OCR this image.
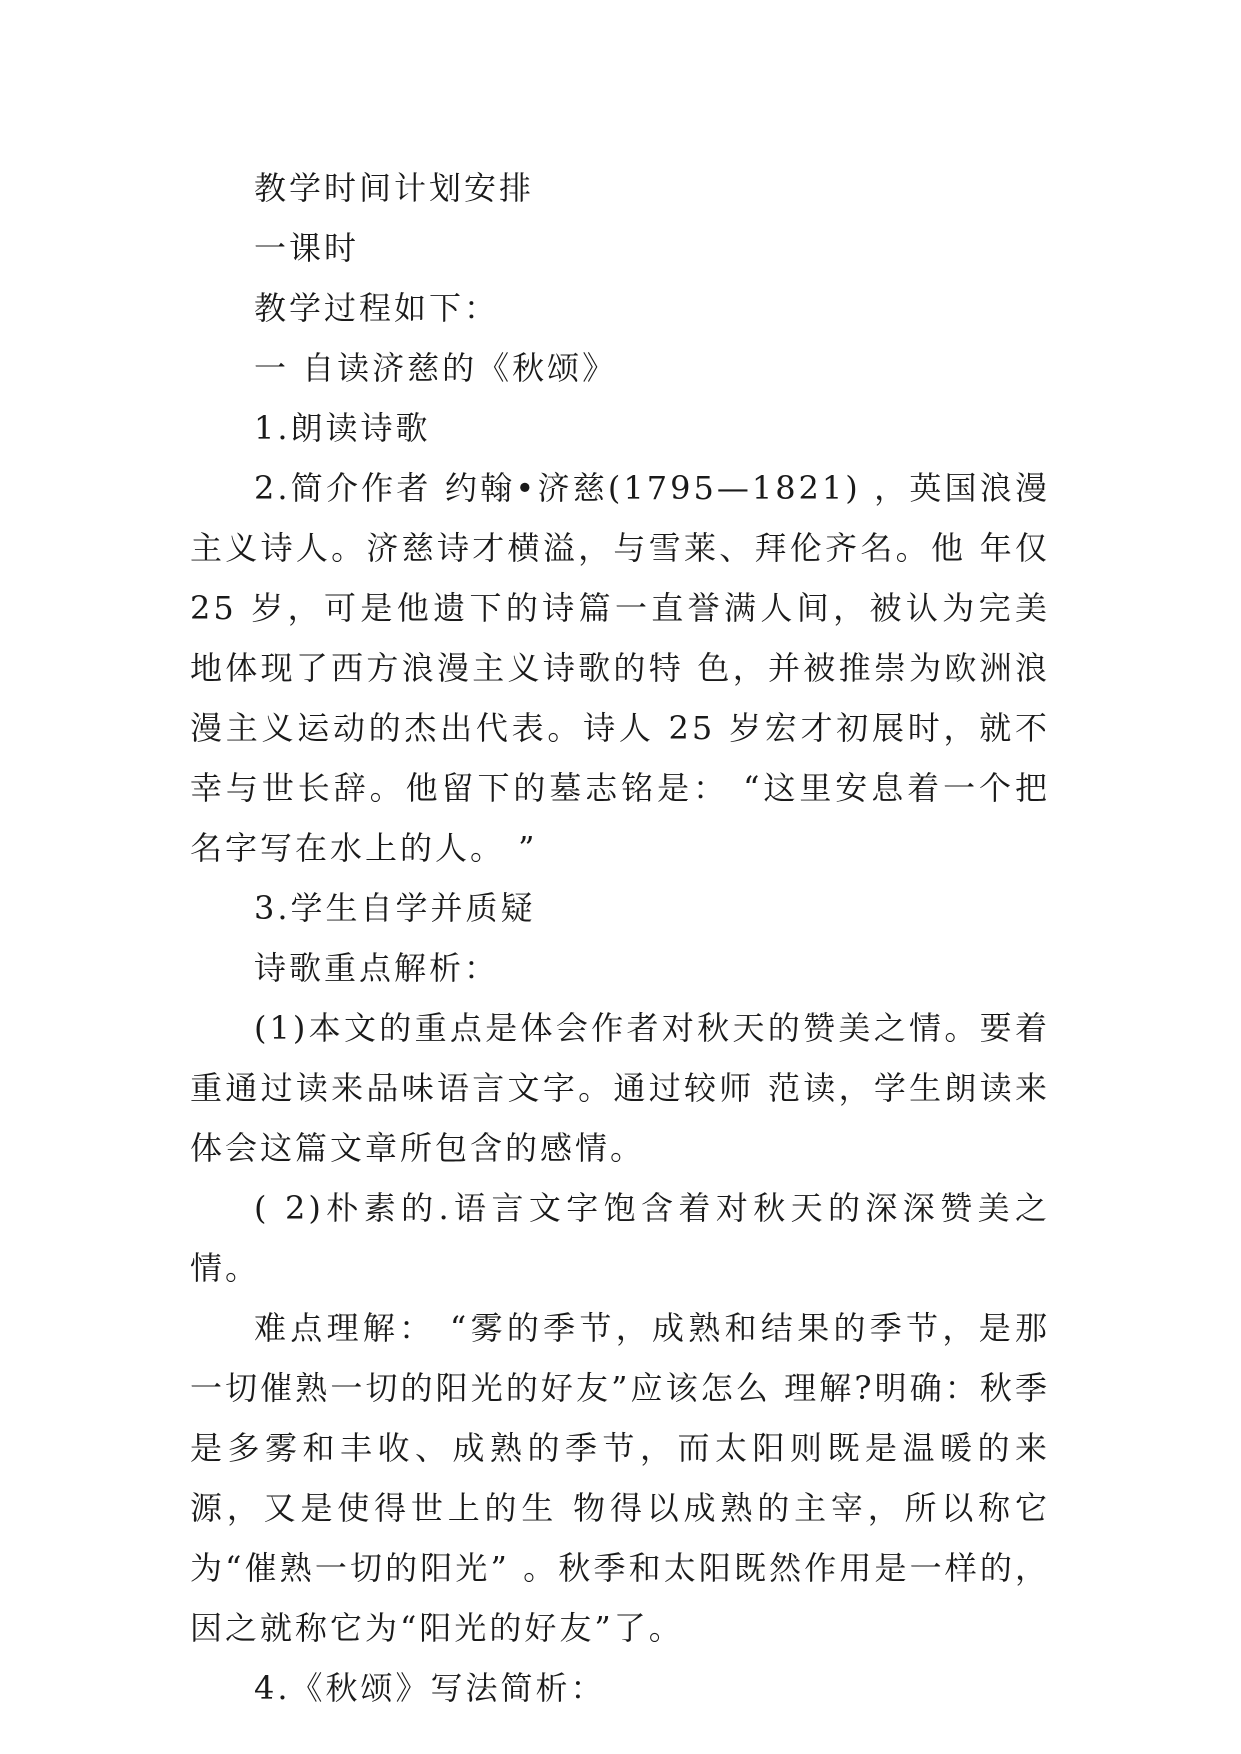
教学时间计划安排

一课时

教学过程如下：

一 自读济慈的《秋颂》

1.朗读诗歌

2.简介作者 约翰•济慈(1795—1821) ，英国浪漫主义诗人。济慈诗才横溢，与雪莱、拜伦齐名。他 年仅 25 岁，可是他遗下的诗篇一直誉满人间，被认为完美地体现了西方浪漫主义诗歌的特 色，并被推崇为欧洲浪漫主义运动的杰出代表。诗人 25 岁宏才初展时，就不幸与世长辞。他留下的墓志铭是： “这里安息着一个把名字写在水上的人。 ”

3.学生自学并质疑

诗歌重点解析：

(1)本文的重点是体会作者对秋天的赞美之情。要着重通过读来品味语言文字。通过较师 范读，学生朗读来体会这篇文章所包含的感情。

( 2)朴素的.语言文字饱含着对秋天的深深赞美之情。

难点理解： “雾的季节，成熟和结果的季节，是那一切催熟一切的阳光的好友”应该怎么 理解?明确：秋季是多雾和丰收、成熟的季节，而太阳则既是温暖的来源，又是使得世上的生 物得以成熟的主宰，所以称它为“催熟一切的阳光” 。秋季和太阳既然作用是一样的，因之就称它为“阳光的好友”了。

4.《秋颂》写法简析：
